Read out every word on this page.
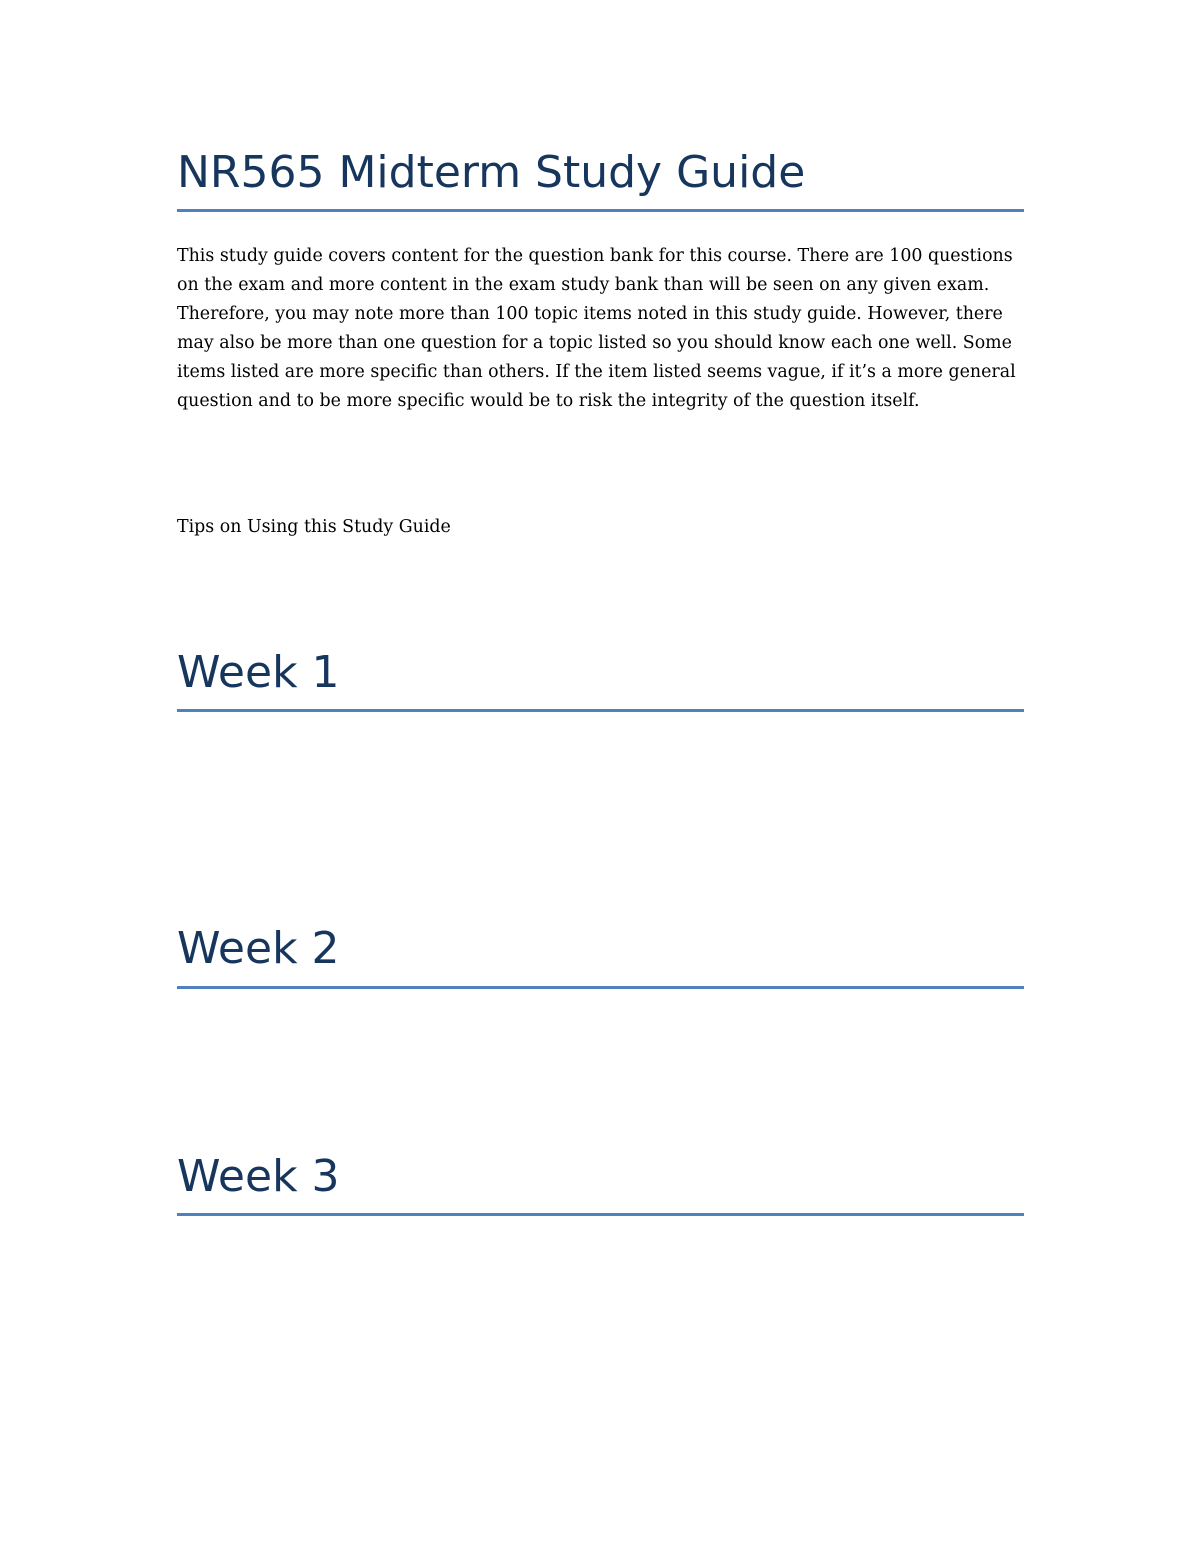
NR565 Midterm Study Guide

This study guide covers content for the question bank for this course. There are 100 questions on the exam and more content in the exam study bank than will be seen on any given exam. Therefore, you may note more than 100 topic items noted in this study guide. However, there may also be more than one question for a topic listed so you should know each one well. Some items listed are more specific than others. If the item listed seems vague, if it’s a more general question and to be more specific would be to risk the integrity of the question itself.

Tips on Using this Study Guide

Week 1
Week 2
Week 3
